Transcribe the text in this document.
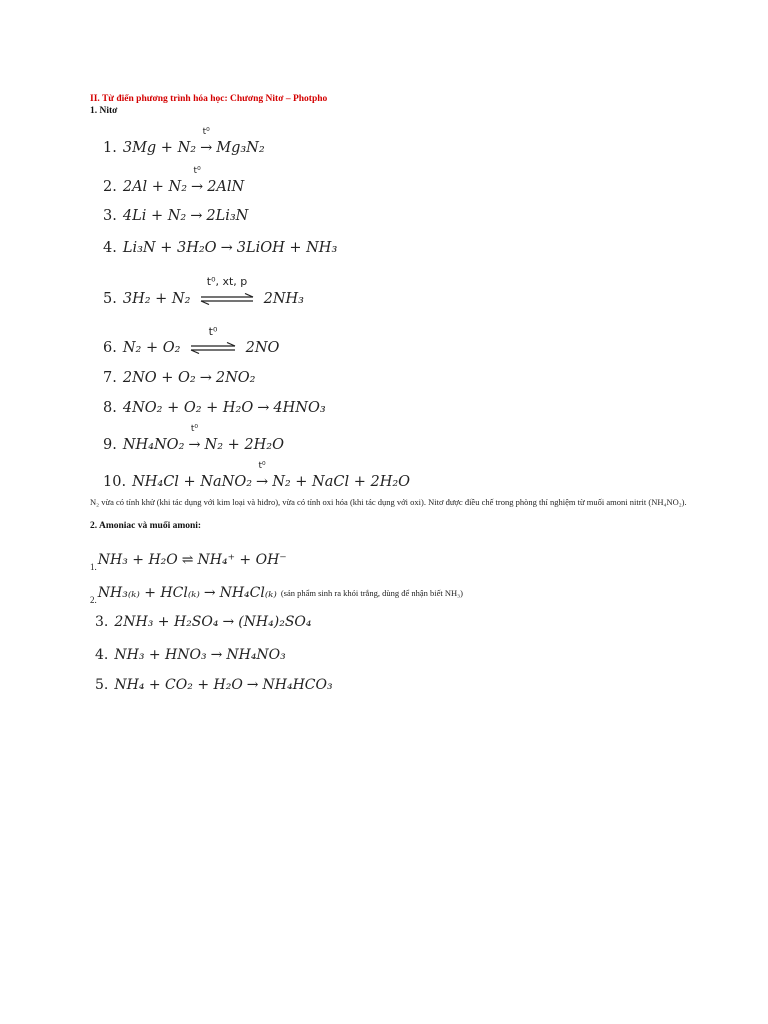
II. Từ điển phương trình hóa học: Chương Nitơ – Photpho
1. Nitơ
1. 3Mg + N₂
t⁰
→ Mg₃N₂
2. 2Al + N₂
t⁰
→ 2AlN
3. 4Li + N₂ → 2Li₃N
4. Li₃N + 3H₂O → 3LiOH + NH₃
5. 3H₂ + N₂
t⁰, xt, p
2NH₃
6. N₂ + O₂
t⁰
2NO
7. 2NO + O₂ → 2NO₂
8. 4NO₂ + O₂ + H₂O → 4HNO₃
9. NH₄NO₂
t⁰
→ N₂ + 2H₂O
10. NH₄Cl + NaNO₂
t⁰
→ N₂ + NaCl + 2H₂O
N₂ vừa có tính khử (khi tác dụng với kim loại và hiđro), vừa có tính oxi hóa (khi tác dụng với oxi). Nitơ được điều chế trong phòng thí nghiệm từ muối amoni nitrit (NH₄NO₂).
2. Amoniac và muối amoni:
$_{1.}$NH₃ + H₂O ⇌ NH₄⁺ + OH⁻
$_{2.}$NH₃₍ₖ₎ + HCl₍ₖ₎ → NH₄Cl₍ₖ₎ (sản phẩm sinh ra khói trắng, dùng để nhận biết NH₃)
3. 2NH₃ + H₂SO₄ → (NH₄)₂SO₄
4. NH₃ + HNO₃ → NH₄NO₃
5. NH₄ + CO₂ + H₂O → NH₄HCO₃
